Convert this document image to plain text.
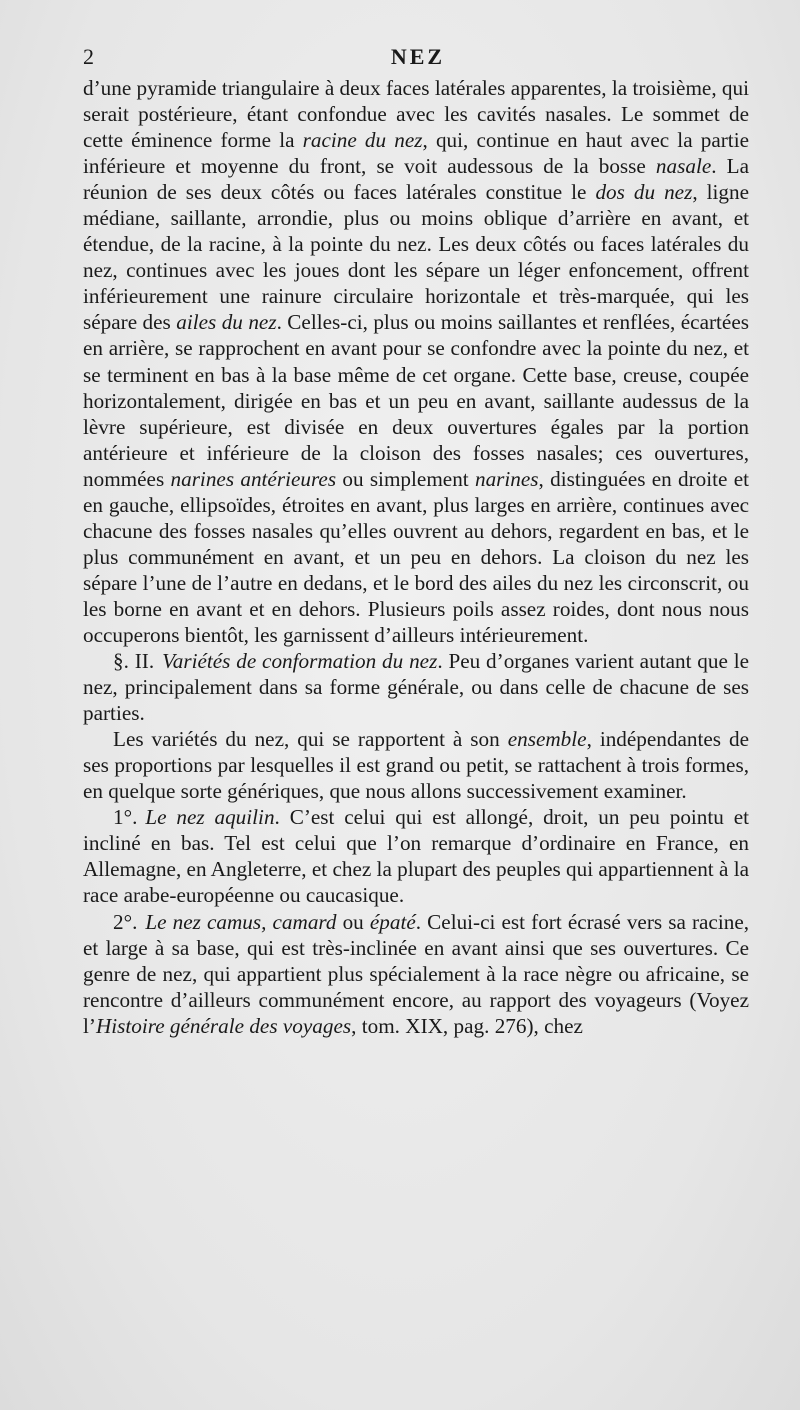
2	NEZ

d’une pyramide triangulaire à deux faces latérales apparentes, la troisième, qui serait postérieure, étant confondue avec les cavités nasales. Le sommet de cette éminence forme la racine du nez, qui, continue en haut avec la partie inférieure et moyenne du front, se voit audessous de la bosse nasale. La réunion de ses deux côtés ou faces latérales constitue le dos du nez, ligne médiane, saillante, arrondie, plus ou moins oblique d’arrière en avant, et étendue, de la racine, à la pointe du nez. Les deux côtés ou faces latérales du nez, continues avec les joues dont les sépare un léger enfoncement, offrent inférieurement une rainure circulaire horizontale et très-marquée, qui les sépare des ailes du nez. Celles-ci, plus ou moins saillantes et renflées, écartées en arrière, se rapprochent en avant pour se confondre avec la pointe du nez, et se terminent en bas à la base même de cet organe. Cette base, creuse, coupée horizontalement, dirigée en bas et un peu en avant, saillante audessus de la lèvre supérieure, est divisée en deux ouvertures égales par la portion antérieure et inférieure de la cloison des fosses nasales; ces ouvertures, nommées narines antérieures ou simplement narines, distinguées en droite et en gauche, ellipsoïdes, étroites en avant, plus larges en arrière, continues avec chacune des fosses nasales qu’elles ouvrent au dehors, regardent en bas, et le plus communément en avant, et un peu en dehors. La cloison du nez les sépare l’une de l’autre en dedans, et le bord des ailes du nez les circonscrit, ou les borne en avant et en dehors. Plusieurs poils assez roides, dont nous nous occuperons bientôt, les garnissent d’ailleurs intérieurement.

§. II. Variétés de conformation du nez. Peu d’organes varient autant que le nez, principalement dans sa forme générale, ou dans celle de chacune de ses parties.

Les variétés du nez, qui se rapportent à son ensemble, indépendantes de ses proportions par lesquelles il est grand ou petit, se rattachent à trois formes, en quelque sorte génériques, que nous allons successivement examiner.

1°. Le nez aquilin. C’est celui qui est allongé, droit, un peu pointu et incliné en bas. Tel est celui que l’on remarque d’ordinaire en France, en Allemagne, en Angleterre, et chez la plupart des peuples qui appartiennent à la race arabe-européenne ou caucasique.

2°. Le nez camus, camard ou épaté. Celui-ci est fort écrasé vers sa racine, et large à sa base, qui est très-inclinée en avant ainsi que ses ouvertures. Ce genre de nez, qui appartient plus spécialement à la race nègre ou africaine, se rencontre d’ailleurs communément encore, au rapport des voyageurs (Voyez l’Histoire générale des voyages, tom. XIX, pag. 276), chez
